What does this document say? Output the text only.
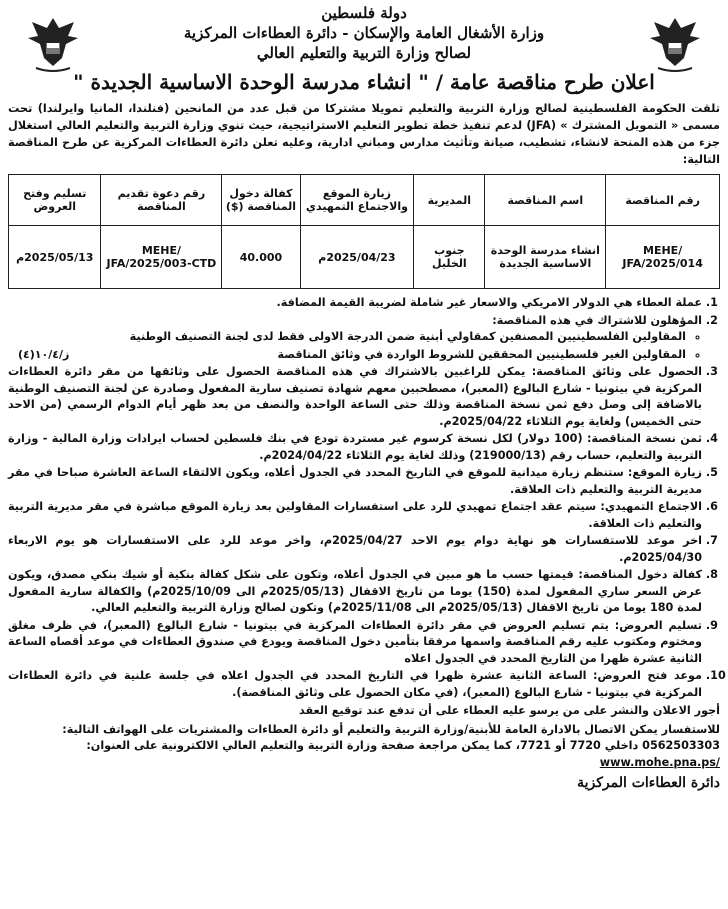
دولة فلسطين
وزارة الأشغال العامة والإسكان - دائرة العطاءات المركزية
لصالح وزارة التربية والتعليم العالي
اعلان طرح مناقصة عامة / " انشاء مدرسة الوحدة الاساسية الجديدة "
تلقت الحكومة الفلسطينية لصالح وزارة التربية والتعليم تمويلا مشتركا من قبل عدد من المانحين (فنلندا، المانيا وايرلندا) تحت مسمى « التمويل المشترك » (JFA) لدعم تنفيذ خطة تطوير التعليم الاستراتيجية، حيث تنوي وزارة التربية والتعليم العالي استغلال جزء من هذه المنحة لانشاء، تشطيب، صيانة وتأثيث مدارس ومباني ادارية، وعليه تعلن دائرة العطاءات المركزية عن طرح المناقصة التالية:
رقم المناقصة	اسم المناقصة	المديرية	زيارة الموقع والاجتماع التمهيدي	كفالة دخول المناقصة ($)	رقم دعوة تقديم المناقصة	تسليم وفتح العروض
MEHE/ JFA/2025/014	انشاء مدرسة الوحدة الاساسية الجديدة	جنوب الخليل	2025/04/23م	40.000	MEHE/ JFA/2025/003-CTD	2025/05/13م
ز/١٠/٤(٤)
1. عملة العطاء هي الدولار الامريكي والاسعار غير شاملة لضريبة القيمة المضافة.
2. المؤهلون للاشتراك في هذه المناقصة:
◦ المقاولين الفلسطينيين المصنفين كمقاولي أبنية ضمن الدرجة الاولى فقط لدى لجنة التصنيف الوطنية
◦ المقاولين الغير فلسطينيين المحققين للشروط الواردة في وثائق المناقصة
3. الحصول على وثائق المناقصة: يمكن للراغبين بالاشتراك في هذه المناقصة الحصول على وثائقها من مقر دائرة العطاءات المركزية في بيتونيا - شارع البالوع (المعبر)، مصطحبين معهم شهادة تصنيف سارية المفعول وصادرة عن لجنة التصنيف الوطنية بالاضافة إلى وصل دفع ثمن نسخة المناقصة وذلك حتى الساعة الواحدة والنصف من بعد ظهر أيام الدوام الرسمي (من الاحد حتى الخميس) ولغاية يوم الثلاثاء 2025/04/22م.
4. ثمن نسخة المناقصة: (100 دولار) لكل نسخة كرسوم غير مستردة تودع في بنك فلسطين لحساب ايرادات وزارة المالية - وزارة التربية والتعليم، حساب رقم (219000/13) وذلك لغاية يوم الثلاثاء 2024/04/22م.
5. زيارة الموقع: ستنظم زيارة ميدانية للموقع في التاريخ المحدد في الجدول أعلاه، ويكون الالتقاء الساعة العاشرة صباحا في مقر مديرية التربية والتعليم ذات العلاقة.
6. الاجتماع التمهيدي: سيتم عقد اجتماع تمهيدي للرد على استفسارات المقاولين بعد زيارة الموقع مباشرة في مقر مديرية التربية والتعليم ذات العلاقة.
7. اخر موعد للاستفسارات هو نهاية دوام يوم الاحد 2025/04/27م، واخر موعد للرد على الاستفسارات هو يوم الاربعاء 2025/04/30م.
8. كفالة دخول المناقصة: قيمتها حسب ما هو مبين في الجدول أعلاه، وتكون على شكل كفالة بنكية أو شيك بنكي مصدق، ويكون عرض السعر ساري المفعول لمدة (150) يوما من تاريخ الاقفال (2025/05/13م الى 2025/10/09م) والكفالة سارية المفعول لمدة 180 يوما من تاريخ الاقفال (2025/05/13م الى 2025/11/08م) وتكون لصالح وزارة التربية والتعليم العالي.
9. تسليم العروض: يتم تسليم العروض في مقر دائرة العطاءات المركزية في بيتونيا - شارع البالوع (المعبر)، في ظرف مغلق ومختوم ومكتوب عليه رقم المناقصة واسمها مرفقا بتأمين دخول المناقصة ويودع في صندوق العطاءات في موعد أقصاه الساعة الثانية عشرة ظهرا من التاريخ المحدد في الجدول اعلاه
10. موعد فتح العروض: الساعة الثانية عشرة ظهرا في التاريخ المحدد في الجدول اعلاه في جلسة علنية في دائرة العطاءات المركزية في بيتونيا - شارع البالوع (المعبر)، (في مكان الحصول على وثائق المناقصة).
أجور الاعلان والنشر على من يرسو عليه العطاء على أن تدفع عند توقيع العقد
للاستفسار يمكن الاتصال بالادارة العامة للأبنية/وزارة التربية والتعليم أو دائرة العطاءات والمشتريات على الهواتف التالية: 0562503303 داخلي 7720 أو 7721، كما يمكن مراجعة صفحة وزارة التربية والتعليم العالي الالكترونية على العنوان: www.mohe.pna.ps/
دائرة العطاءات المركزية
